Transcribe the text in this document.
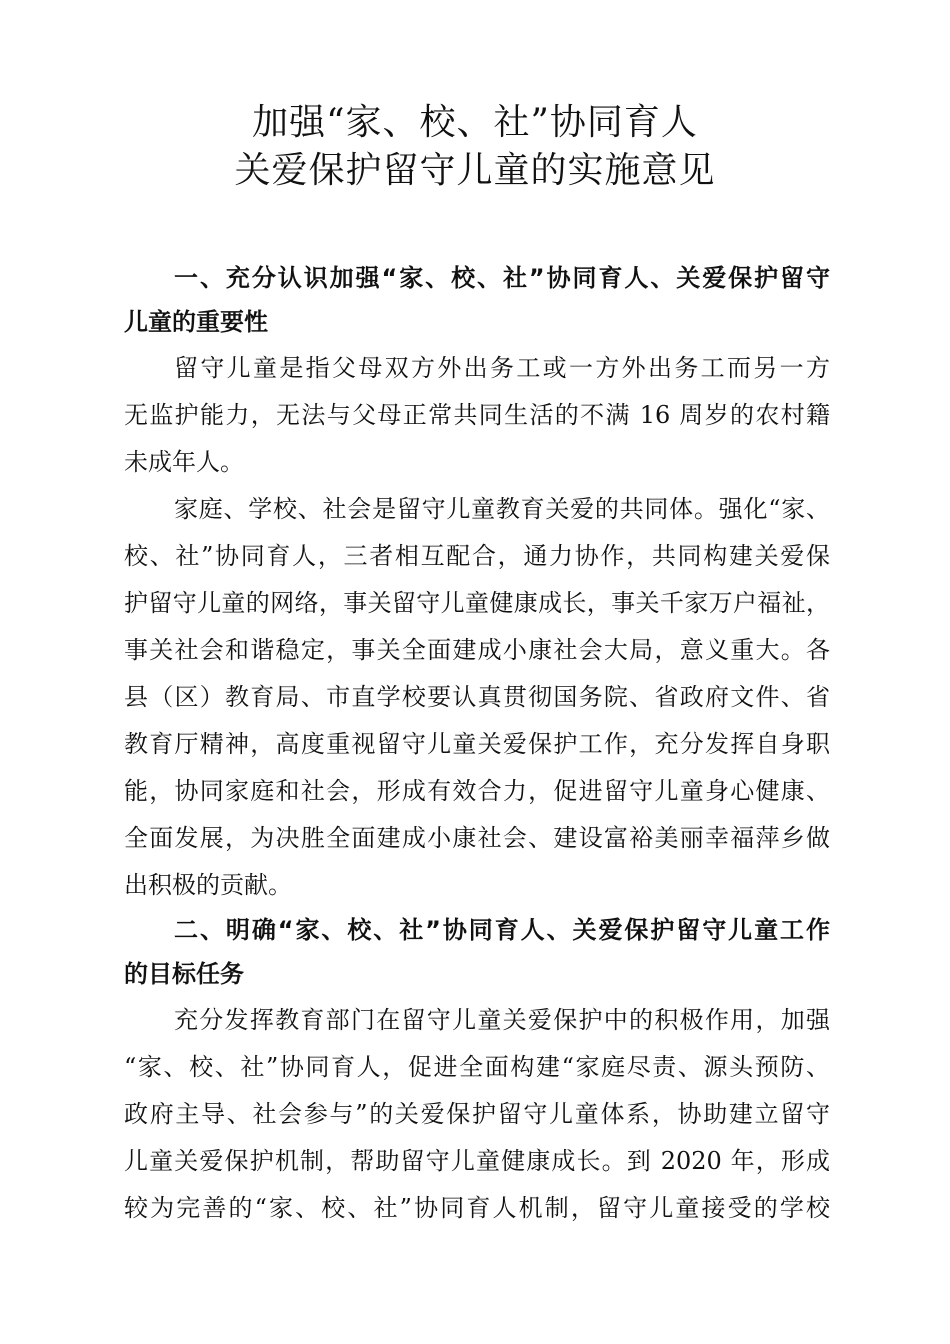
加强“家、校、社”协同育人
关爱保护留守儿童的实施意见
一、充分认识加强“家、校、社”协同育人、关爱保护留守
儿童的重要性
留守儿童是指父母双方外出务工或一方外出务工而另一方
无监护能力，无法与父母正常共同生活的不满 16 周岁的农村籍
未成年人。
家庭、学校、社会是留守儿童教育关爱的共同体。强化“家、
校、社”协同育人，三者相互配合，通力协作，共同构建关爱保
护留守儿童的网络，事关留守儿童健康成长，事关千家万户福祉，
事关社会和谐稳定，事关全面建成小康社会大局，意义重大。各
县（区）教育局、市直学校要认真贯彻国务院、省政府文件、省
教育厅精神，高度重视留守儿童关爱保护工作，充分发挥自身职
能，协同家庭和社会，形成有效合力，促进留守儿童身心健康、
全面发展，为决胜全面建成小康社会、建设富裕美丽幸福萍乡做
出积极的贡献。
二、明确“家、校、社”协同育人、关爱保护留守儿童工作
的目标任务
充分发挥教育部门在留守儿童关爱保护中的积极作用，加强
“家、校、社”协同育人，促进全面构建“家庭尽责、源头预防、
政府主导、社会参与”的关爱保护留守儿童体系，协助建立留守
儿童关爱保护机制，帮助留守儿童健康成长。到 2020 年，形成
较为完善的“家、校、社”协同育人机制，留守儿童接受的学校
